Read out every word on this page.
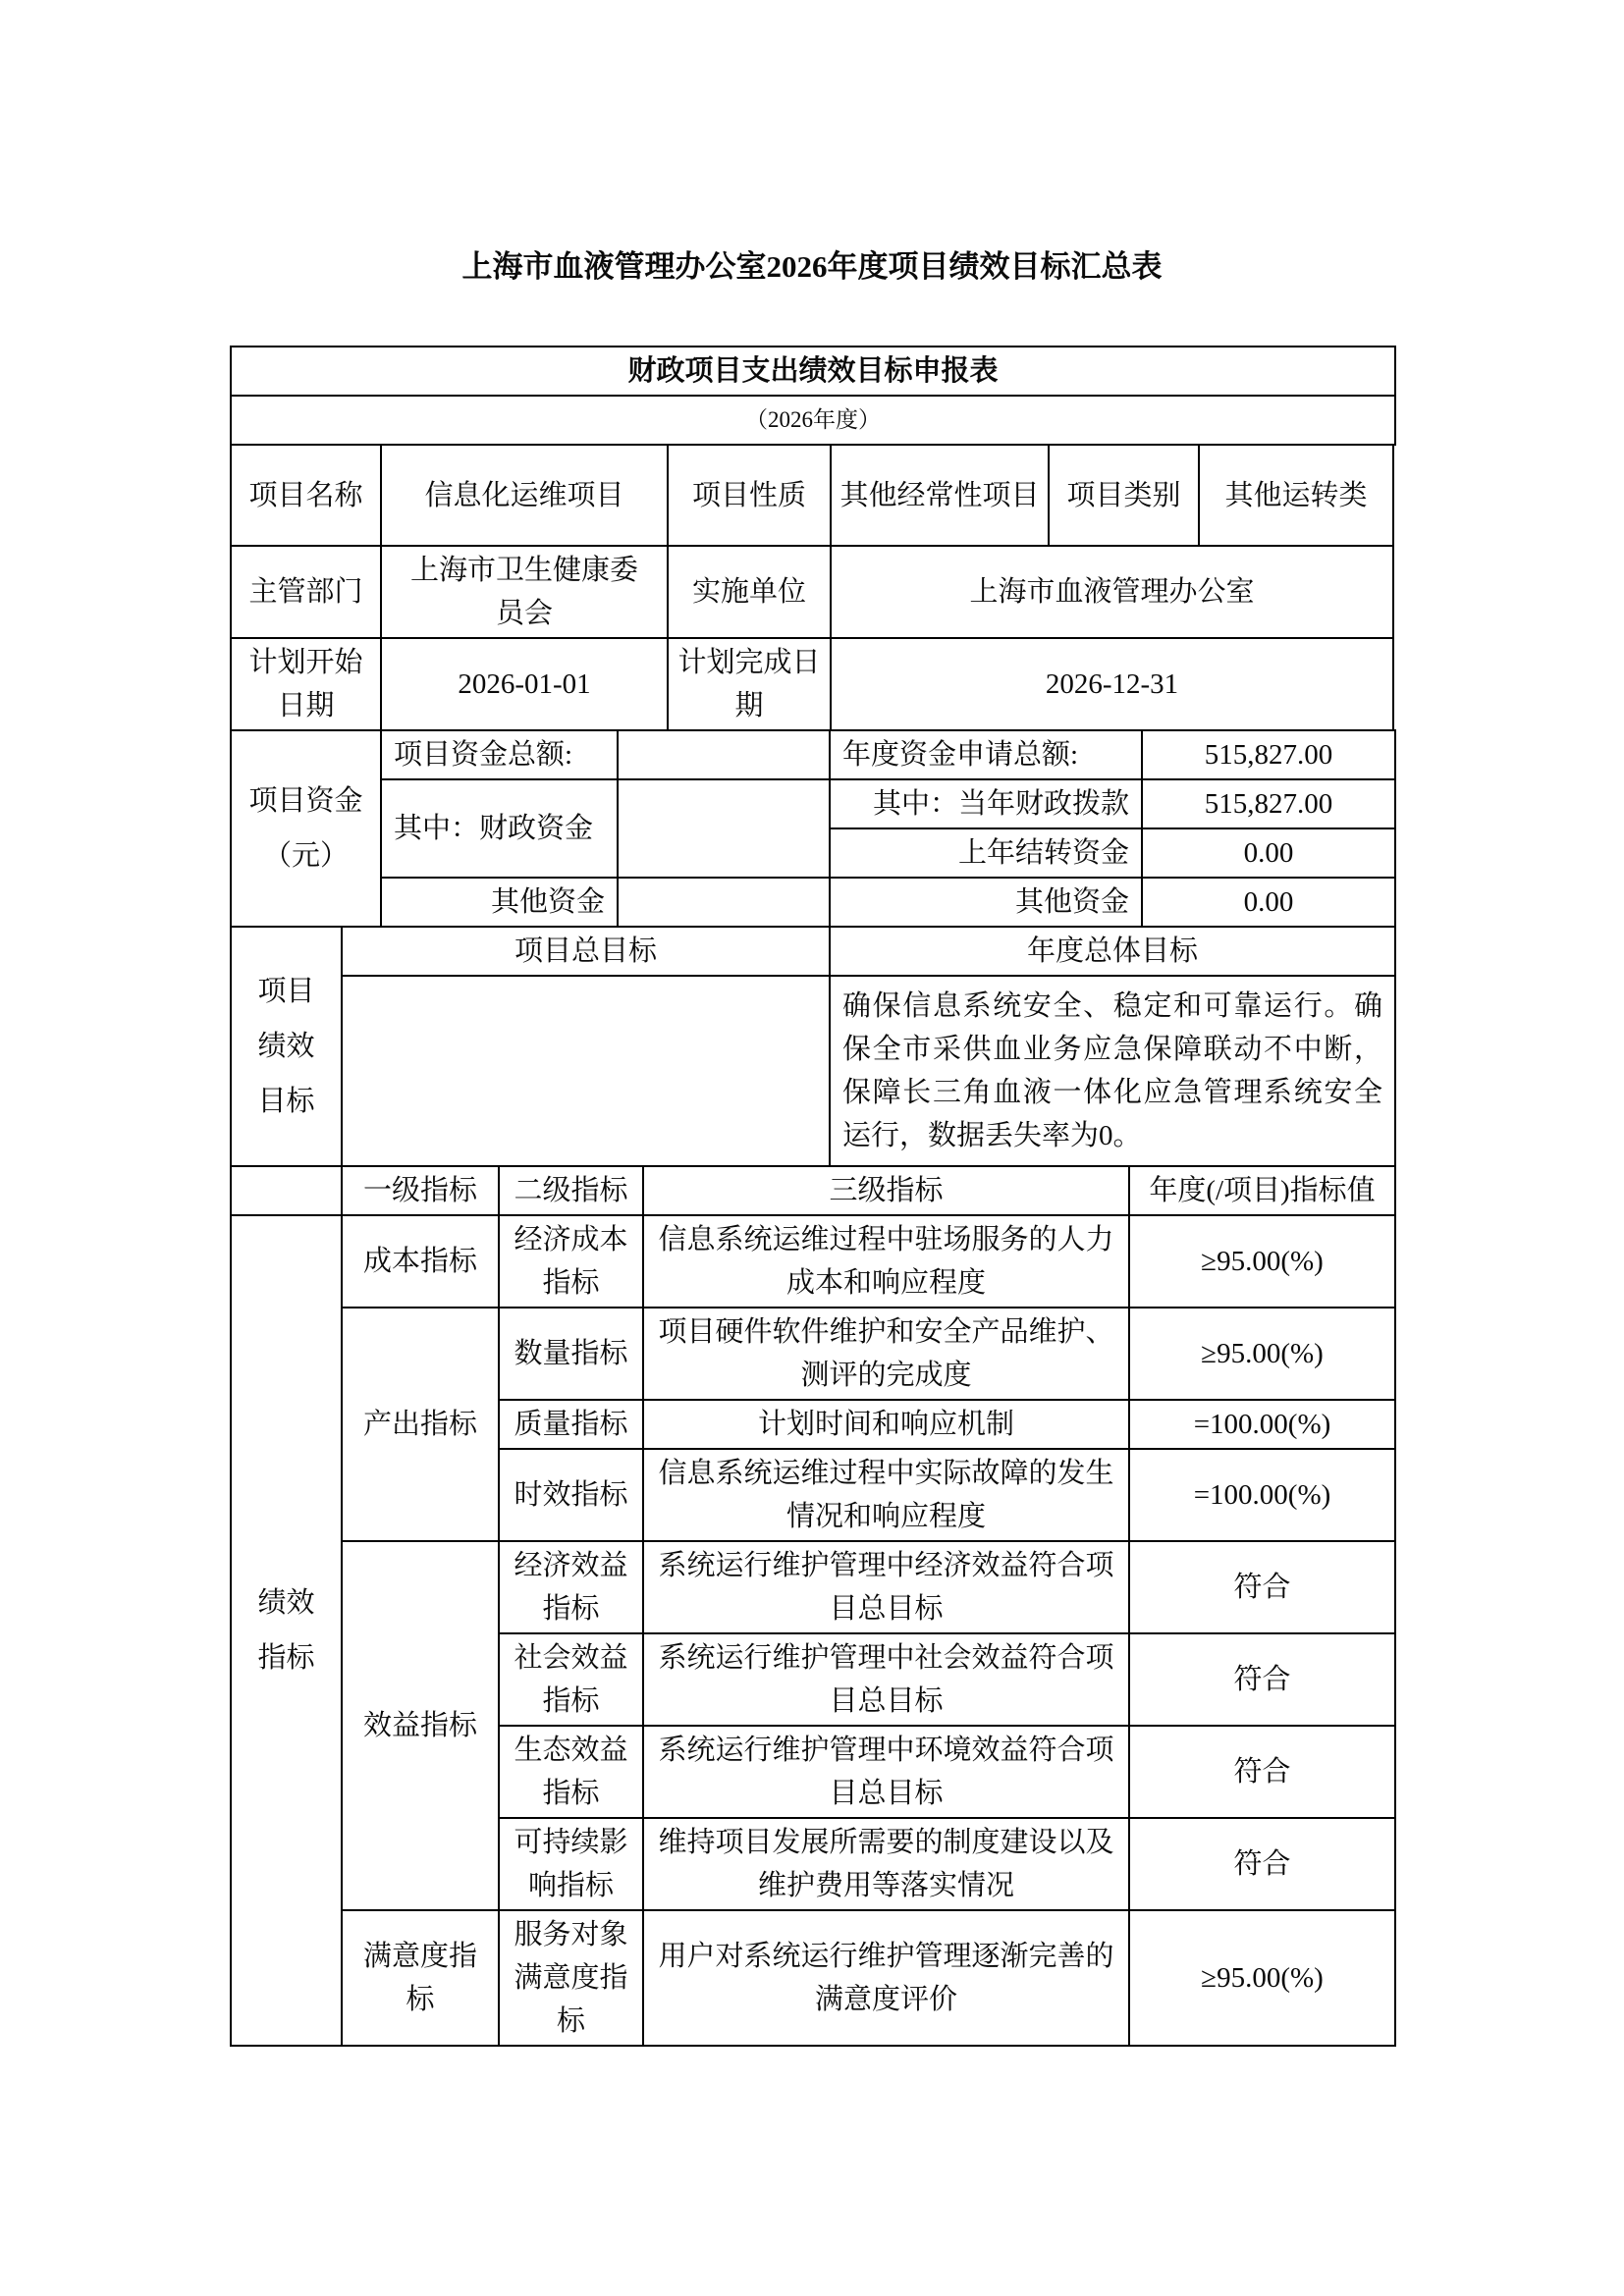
上海市血液管理办公室2026年度项目绩效目标汇总表
财政项目支出绩效目标申报表
（2026年度）
项目名称	信息化运维项目	项目性质	其他经常性项目	项目类别	其他运转类
主管部门	上海市卫生健康委员会	实施单位	上海市血液管理办公室		
计划开始日期	2026-01-01	计划完成日期	2026-12-31		
项目资金（元）	项目资金总额:		年度资金申请总额:	515,827.00
	其中：财政资金		其中：当年财政拨款	515,827.00
			上年结转资金	0.00
	其他资金		其他资金	0.00
项目绩效目标	项目总目标	年度总体目标
		确保信息系统安全、稳定和可靠运行。确保全市采供血业务应急保障联动不中断，保障长三角血液一体化应急管理系统安全运行，数据丢失率为0。
	一级指标	二级指标	三级指标	年度(/项目)指标值
绩效指标	成本指标	经济成本指标	信息系统运维过程中驻场服务的人力成本和响应程度	≥95.00(%)
	产出指标	数量指标	项目硬件软件维护和安全产品维护、测评的完成度	≥95.00(%)
		质量指标	计划时间和响应机制	=100.00(%)
		时效指标	信息系统运维过程中实际故障的发生情况和响应程度	=100.00(%)
	效益指标	经济效益指标	系统运行维护管理中经济效益符合项目总目标	符合
		社会效益指标	系统运行维护管理中社会效益符合项目总目标	符合
		生态效益指标	系统运行维护管理中环境效益符合项目总目标	符合
		可持续影响指标	维持项目发展所需要的制度建设以及维护费用等落实情况	符合
	满意度指标	服务对象满意度指标	用户对系统运行维护管理逐渐完善的满意度评价	≥95.00(%)
